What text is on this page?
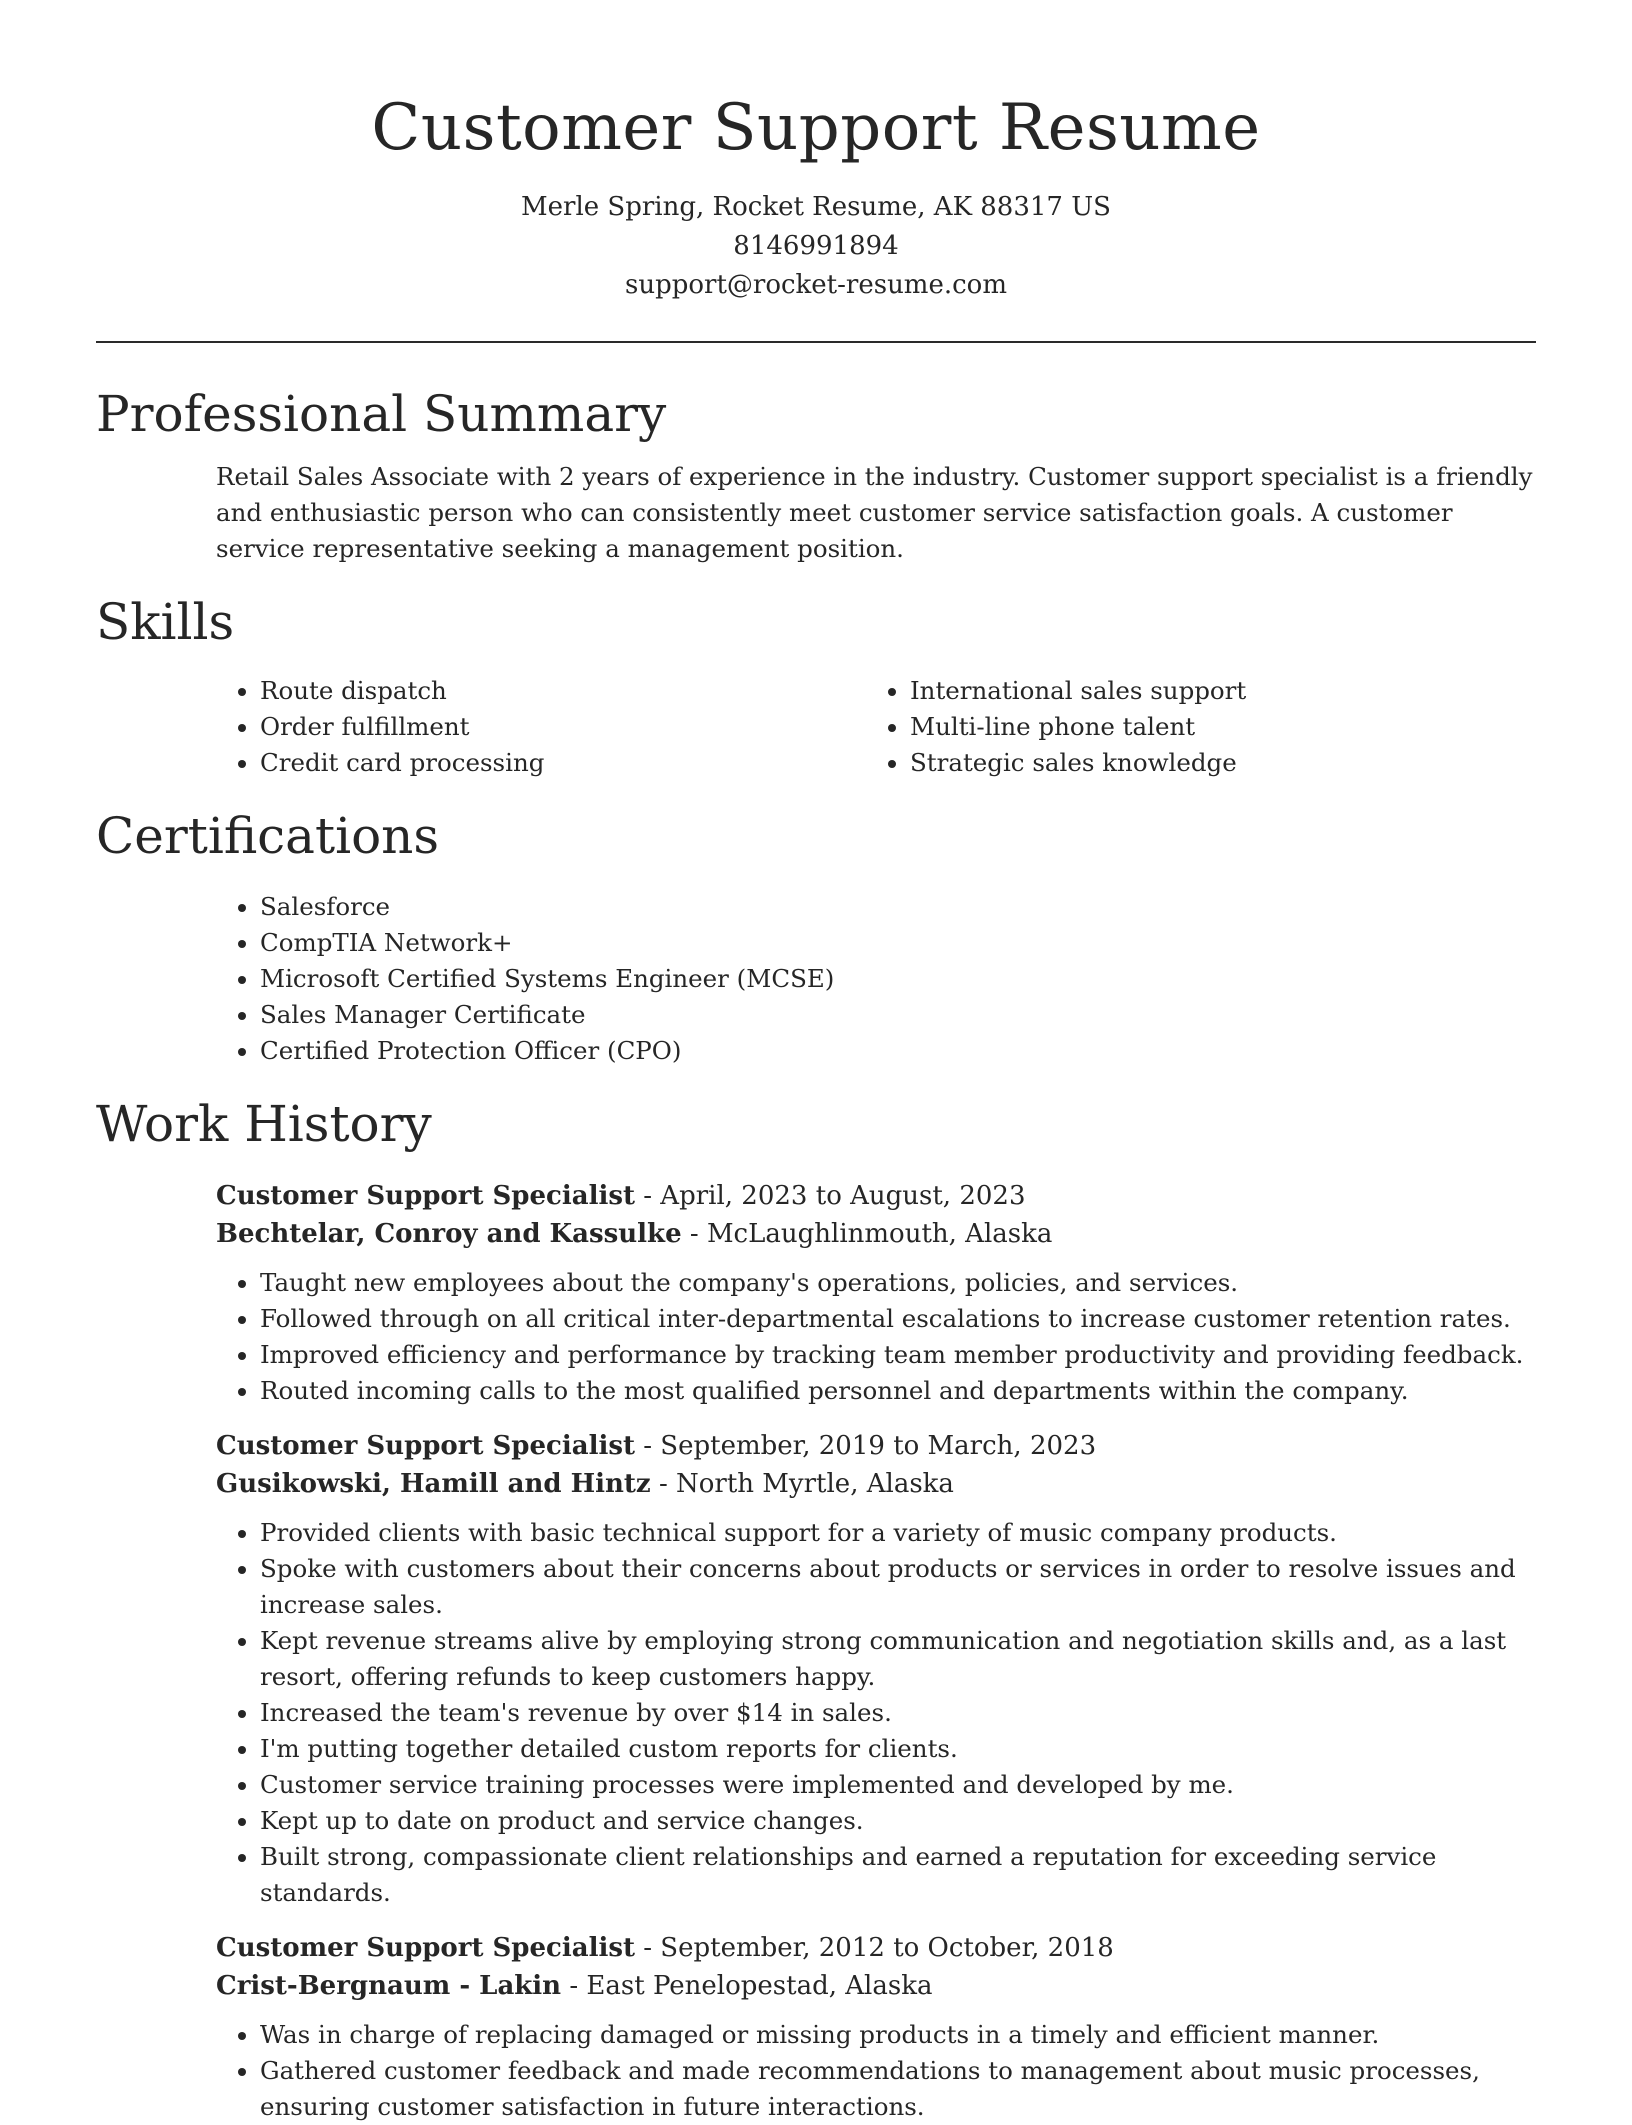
Customer Support Resume

Merle Spring, Rocket Resume, AK 88317 US

8146991894

support@rocket-resume.com

Professional Summary

Retail Sales Associate with 2 years of experience in the industry. Customer support specialist is a friendly and enthusiastic person who can consistently meet customer service satisfaction goals. A customer service representative seeking a management position.

Skills
• Route dispatch
• Order fulfillment
• Credit card processing
• International sales support
• Multi-line phone talent
• Strategic sales knowledge
Certifications
• Salesforce
• CompTIA Network+
• Microsoft Certified Systems Engineer (MCSE)
• Sales Manager Certificate
• Certified Protection Officer (CPO)
Work History

Customer Support Specialist - April, 2023 to August, 2023

Bechtelar, Conroy and Kassulke - McLaughlinmouth, Alaska

• Taught new employees about the company's operations, policies, and services.
• Followed through on all critical inter-departmental escalations to increase customer retention rates.
• Improved efficiency and performance by tracking team member productivity and providing feedback.
• Routed incoming calls to the most qualified personnel and departments within the company.

Customer Support Specialist - September, 2019 to March, 2023

Gusikowski, Hamill and Hintz - North Myrtle, Alaska

• Provided clients with basic technical support for a variety of music company products.
• Spoke with customers about their concerns about products or services in order to resolve issues and increase sales.
• Kept revenue streams alive by employing strong communication and negotiation skills and, as a last resort, offering refunds to keep customers happy.
• Increased the team's revenue by over $14 in sales.
• I'm putting together detailed custom reports for clients.
• Customer service training processes were implemented and developed by me.
• Kept up to date on product and service changes.
• Built strong, compassionate client relationships and earned a reputation for exceeding service standards.

Customer Support Specialist - September, 2012 to October, 2018

Crist-Bergnaum - Lakin - East Penelopestad, Alaska

• Was in charge of replacing damaged or missing products in a timely and efficient manner.
• Gathered customer feedback and made recommendations to management about music processes, ensuring customer satisfaction in future interactions.
